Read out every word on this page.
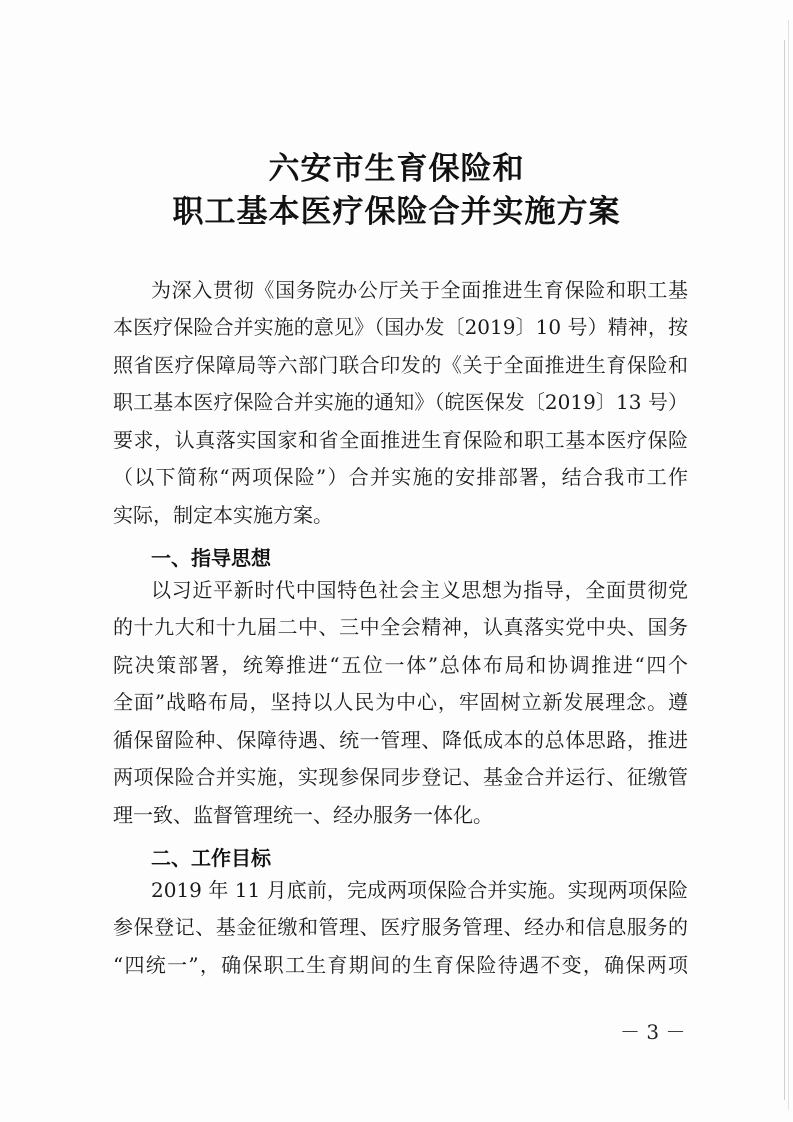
六安市生育保险和
职工基本医疗保险合并实施方案
为深入贯彻《国务院办公厅关于全面推进生育保险和职工基
本医疗保险合并实施的意见》（国办发〔2019〕10 号）精神，按
照省医疗保障局等六部门联合印发的《关于全面推进生育保险和
职工基本医疗保险合并实施的通知》（皖医保发〔2019〕13 号）
要求，认真落实国家和省全面推进生育保险和职工基本医疗保险
（以下简称“两项保险”）合并实施的安排部署，结合我市工作
实际，制定本实施方案。
一、指导思想
以习近平新时代中国特色社会主义思想为指导，全面贯彻党
的十九大和十九届二中、三中全会精神，认真落实党中央、国务
院决策部署，统筹推进“五位一体”总体布局和协调推进“四个
全面”战略布局，坚持以人民为中心，牢固树立新发展理念。遵
循保留险种、保障待遇、统一管理、降低成本的总体思路，推进
两项保险合并实施，实现参保同步登记、基金合并运行、征缴管
理一致、监督管理统一、经办服务一体化。
二、工作目标
2019 年 11 月底前，完成两项保险合并实施。实现两项保险
参保登记、基金征缴和管理、医疗服务管理、经办和信息服务的
“四统一”，确保职工生育期间的生育保险待遇不变，确保两项
－ 3 －
